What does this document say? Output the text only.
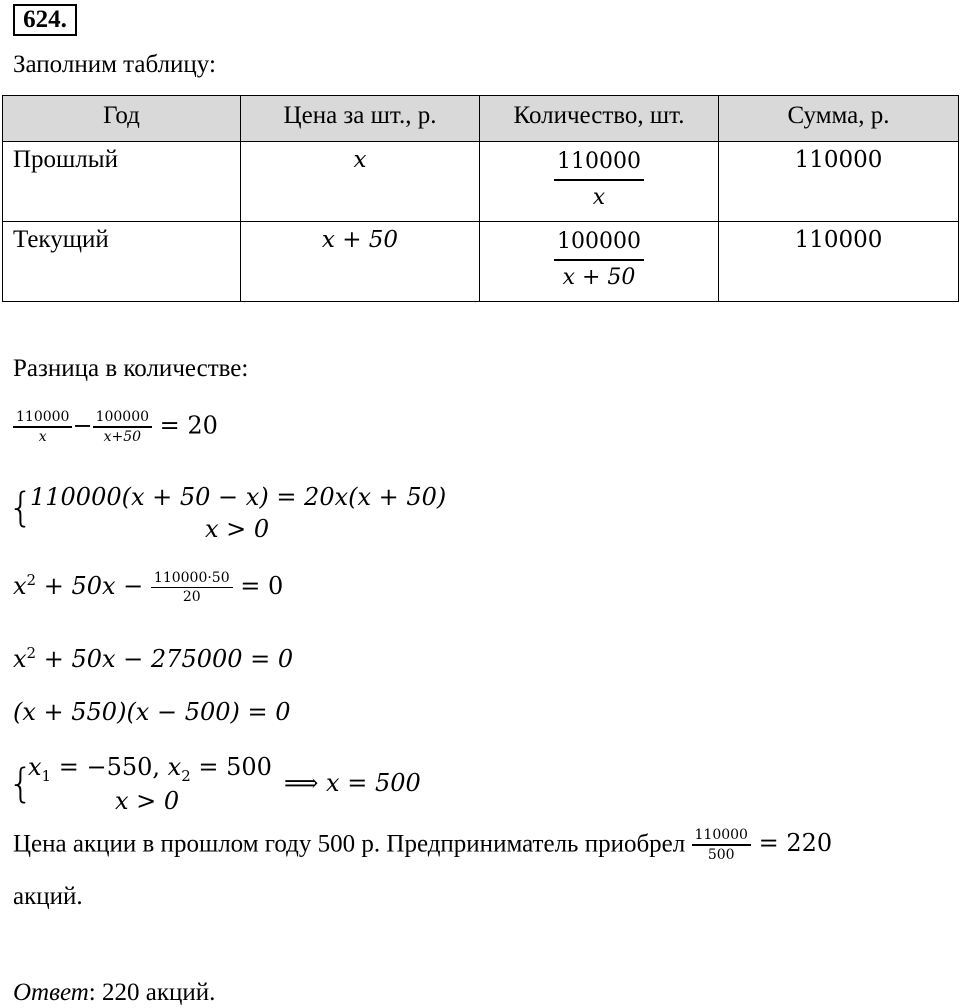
624.
Заполним таблицу:
Год	Цена за шт., р.	Количество, шт.	Сумма, р.
Прошлый	x	$\frac{110000}{x}$	110000
Текущий	x + 50	$\frac{100000}{x + 50}$	110000
Разница в количестве:
$\frac{110000}{x} - \frac{100000}{x+50} = 20$
{
110000(x + 50 − x) = 20x(x + 50)
x > 0
$x^2 + 50x - \frac{110000\cdot 50}{20} = 0$
$x^2 + 50x - 275000 = 0$
(x + 550)(x − 500) = 0
{
$x_1 = -550$, $x_2 = 500$
x > 0
⟹ x = 500
Цена акции в прошлом году 500 р. Предприниматель приобрел $\frac{110000}{500} = 220$
акций.
Ответ: 220 акций.
